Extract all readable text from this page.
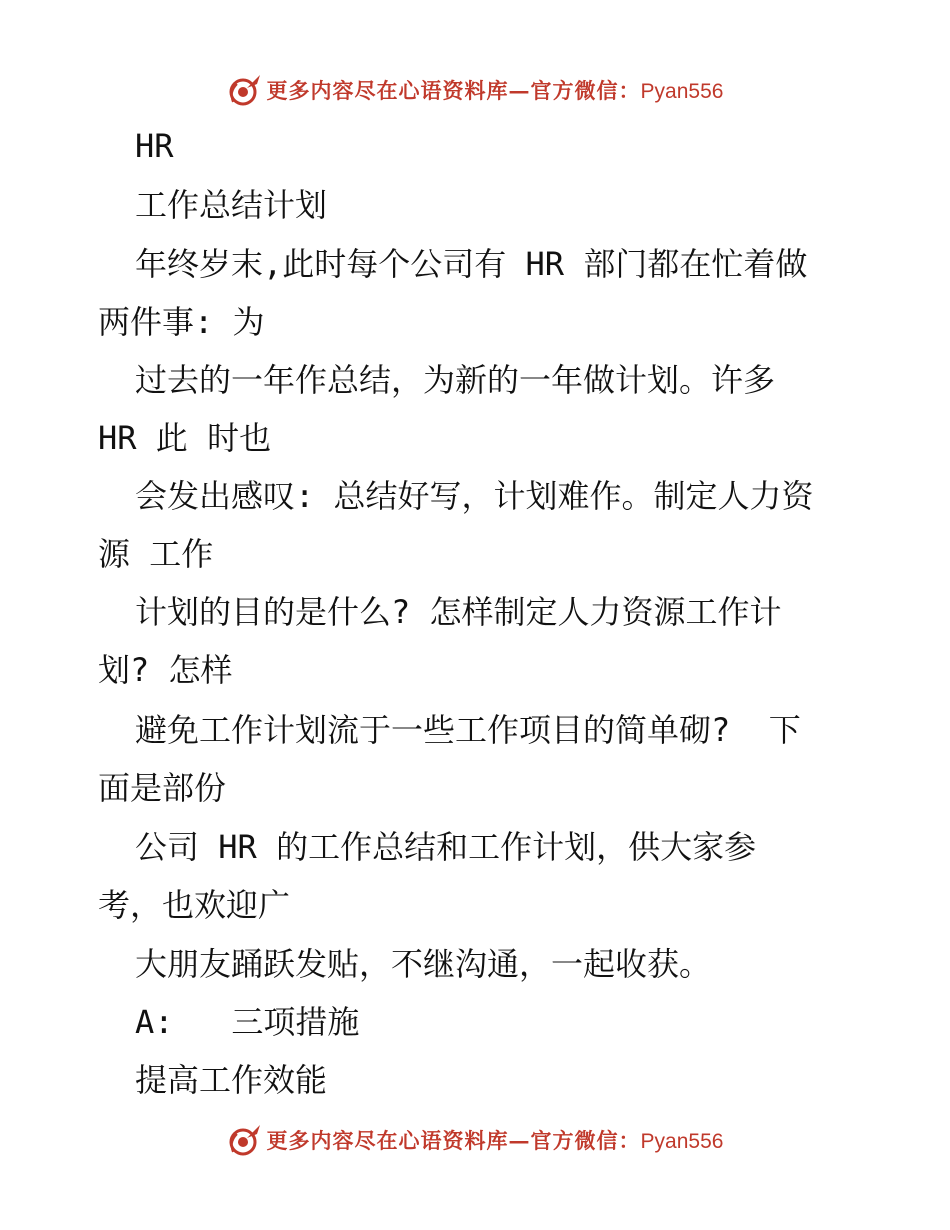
更多内容尽在心语资料库—官方微信：Pyan556
HR
工作总结计划
年终岁末,此时每个公司有 HR 部门都在忙着做
两件事: 为
过去的一年作总结，为新的一年做计划。许多
HR 此 时也
会发出感叹: 总结好写，计划难作。制定人力资
源 工作
计划的目的是什么? 怎样制定人力资源工作计
划? 怎样
避免工作计划流于一些工作项目的简单砌?  下
面是部份
公司 HR 的工作总结和工作计划，供大家参
考，也欢迎广
大朋友踊跃发贴，不继沟通，一起收获。
A:   三项措施
提高工作效能
更多内容尽在心语资料库—官方微信：Pyan556
